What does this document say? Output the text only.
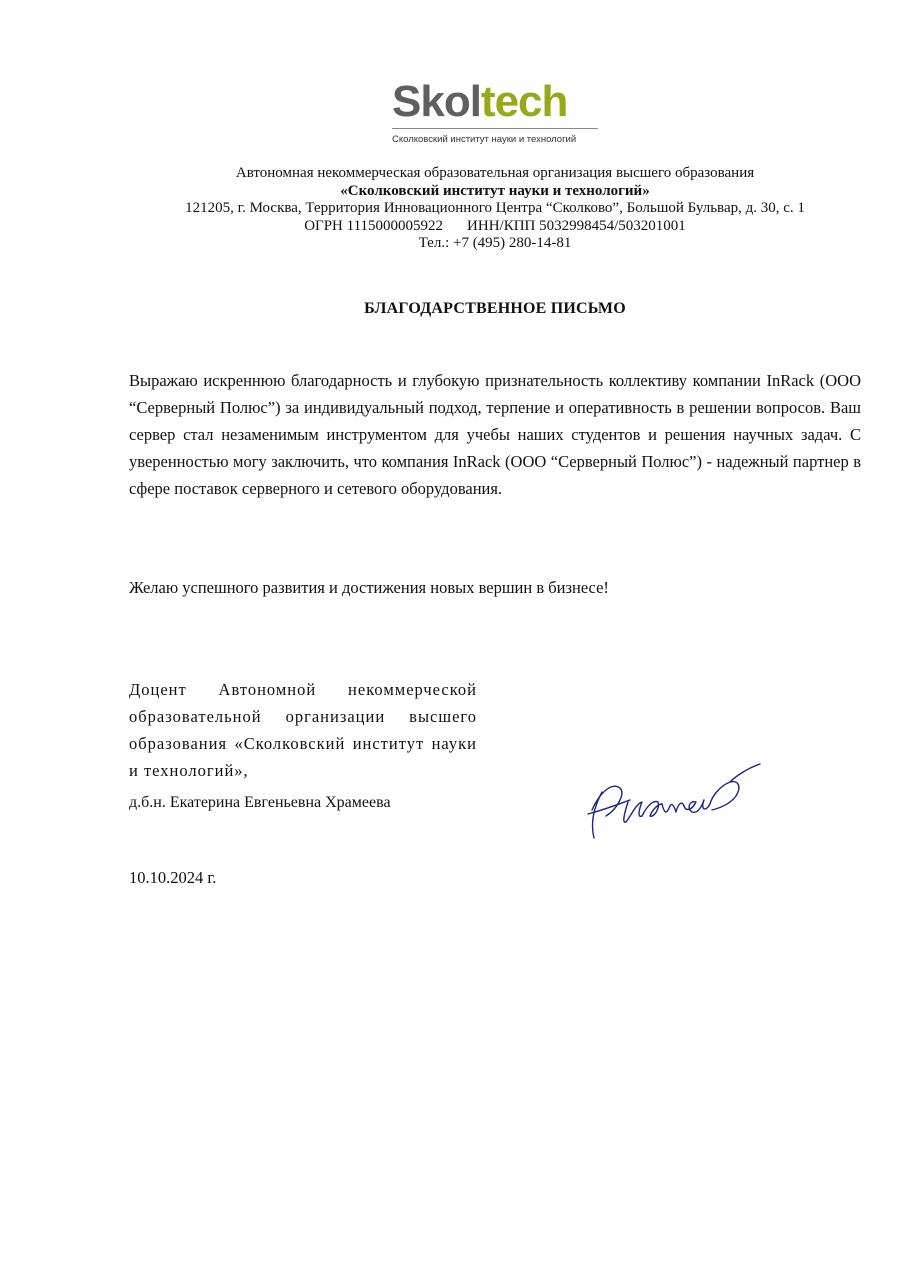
Skoltech
Сколковский институт науки и технологий
Автономная некоммерческая образовательная организация высшего образования
«Сколковский институт науки и технологий»
121205, г. Москва, Территория Инновационного Центра “Сколково”, Большой Бульвар, д. 30, с. 1
ОГРН 1115000005922 ИНН/КПП 5032998454/503201001
Тел.: +7 (495) 280-14-81
БЛАГОДАРСТВЕННОЕ ПИСЬМО
Выражаю искреннюю благодарность и глубокую признательность коллективу компании InRack (ООО “Серверный Полюс”) за индивидуальный подход, терпение и оперативность в решении вопросов. Ваш сервер стал незаменимым инструментом для учебы наших студентов и решения научных задач. С уверенностью могу заключить, что компания InRack (ООО “Серверный Полюс”) - надежный партнер в сфере поставок серверного и сетевого оборудования.
Желаю успешного развития и достижения новых вершин в бизнесе!
Доцент Автономной некоммерческой образовательной организации высшего образования «Сколковский институт науки и технологий»,
д.б.н. Екатерина Евгеньевна Храмеева
10.10.2024 г.
